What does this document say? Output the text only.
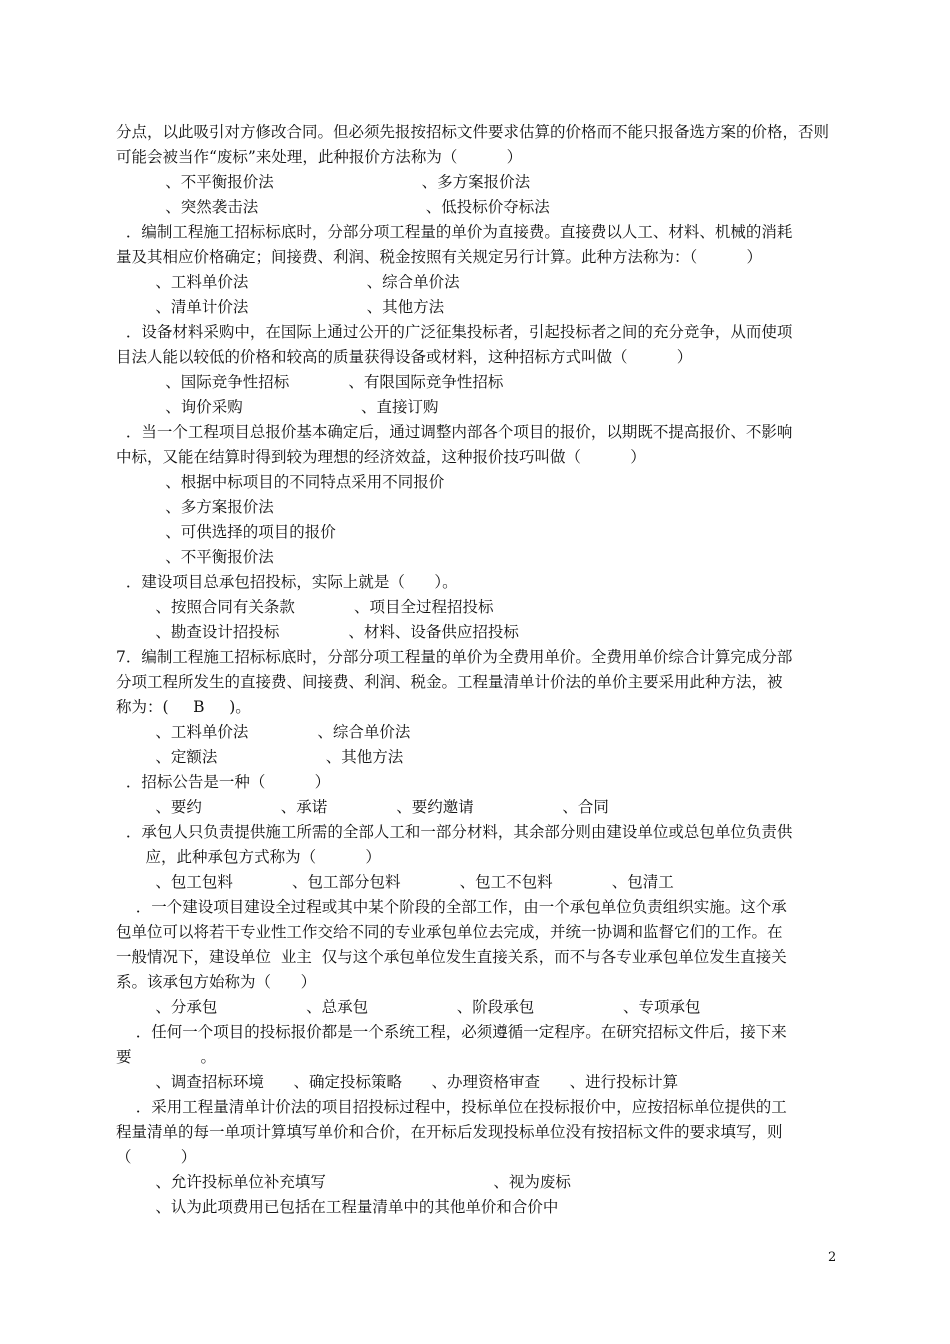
分点，以此吸引对方修改合同。但必须先报按招标文件要求估算的价格而不能只报备选方案的价格，否则
可能会被当作“废标”来处理，此种报价方法称为（          ）
、不平衡报价法                              、多方案报价法
、突然袭击法                                  、低投标价夺标法
．编制工程施工招标标底时，分部分项工程量的单价为直接费。直接费以人工、材料、机械的消耗
量及其相应价格确定；间接费、利润、税金按照有关规定另行计算。此种方法称为：（          ）
、工料单价法                        、综合单价法
、清单计价法                        、其他方法
．设备材料采购中，在国际上通过公开的广泛征集投标者，引起投标者之间的充分竞争，从而使项
目法人能以较低的价格和较高的质量获得设备或材料，这种招标方式叫做（          ）
、国际竞争性招标            、有限国际竞争性招标
、询价采购                        、直接订购
．当一个工程项目总报价基本确定后，通过调整内部各个项目的报价，以期既不提高报价、不影响
中标，又能在结算时得到较为理想的经济效益，这种报价技巧叫做（          ）
、根据中标项目的不同特点采用不同报价
、多方案报价法
、可供选择的项目的报价
、不平衡报价法
．建设项目总承包招投标，实际上就是（      ）。
、按照合同有关条款            、项目全过程招投标
、勘查设计招投标              、材料、设备供应招投标
7．编制工程施工招标标底时，分部分项工程量的单价为全费用单价。全费用单价综合计算完成分部
分项工程所发生的直接费、间接费、利润、税金。工程量清单计价法的单价主要采用此种方法，被
称为：(     B     )。
、工料单价法              、综合单价法
、定额法                      、其他方法
．招标公告是一种（          ）
、要约                、承诺              、要约邀请                  、合同
．承包人只负责提供施工所需的全部人工和一部分材料，其余部分则由建设单位或总包单位负责供
应，此种承包方式称为（          ）
、包工包料            、包工部分包料            、包工不包料            、包清工
．一个建设项目建设全过程或其中某个阶段的全部工作，由一个承包单位负责组织实施。这个承
包单位可以将若干专业性工作交给不同的专业承包单位去完成，并统一协调和监督它们的工作。在
一般情况下，建设单位  业主  仅与这个承包单位发生直接关系，而不与各专业承包单位发生直接关
系。该承包方始称为（      ）
、分承包                  、总承包                  、阶段承包                  、专项承包
．任何一个项目的投标报价都是一个系统工程，必须遵循一定程序。在研究招标文件后，接下来
要              。
、调查招标环境      、确定投标策略      、办理资格审查      、进行投标计算
．采用工程量清单计价法的项目招投标过程中，投标单位在投标报价中，应按招标单位提供的工
程量清单的每一单项计算填写单价和合价，在开标后发现投标单位没有按招标文件的要求填写，则
（          ）
、允许投标单位补充填写                                  、视为废标
、认为此项费用已包括在工程量清单中的其他单价和合价中
2
